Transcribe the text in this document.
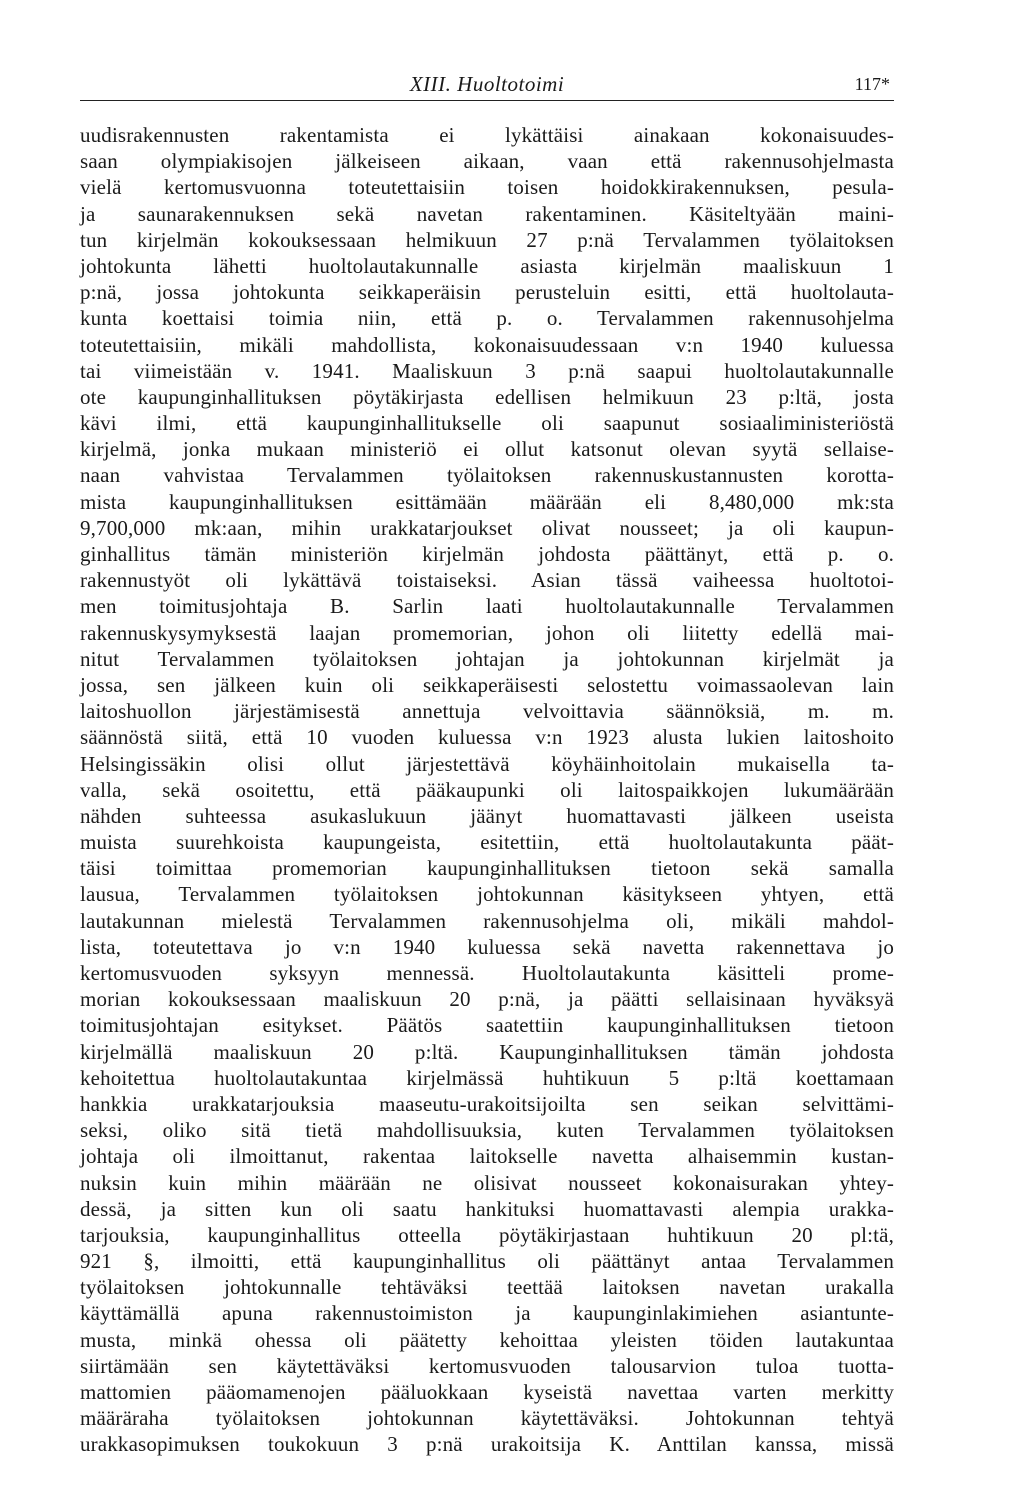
XIII. Huoltotoimi	117*
uudisrakennusten rakentamista ei lykättäisi ainakaan kokonaisuudes-
saan olympiakisojen jälkeiseen aikaan, vaan että rakennusohjelmasta
vielä kertomusvuonna toteutettaisiin toisen hoidokkirakennuksen, pesula-
ja saunarakennuksen sekä navetan rakentaminen. Käsiteltyään maini-
tun kirjelmän kokouksessaan helmikuun 27 p:nä Tervalammen työlaitoksen
johtokunta lähetti huoltolautakunnalle asiasta kirjelmän maaliskuun 1
p:nä, jossa johtokunta seikkaperäisin perusteluin esitti, että huoltolauta-
kunta koettaisi toimia niin, että p. o. Tervalammen rakennusohjelma
toteutettaisiin, mikäli mahdollista, kokonaisuudessaan v:n 1940 kuluessa
tai viimeistään v. 1941. Maaliskuun 3 p:nä saapui huoltolautakunnalle
ote kaupunginhallituksen pöytäkirjasta edellisen helmikuun 23 p:ltä, josta
kävi ilmi, että kaupunginhallitukselle oli saapunut sosiaaliministeriöstä
kirjelmä, jonka mukaan ministeriö ei ollut katsonut olevan syytä sellaise-
naan vahvistaa Tervalammen työlaitoksen rakennuskustannusten korotta-
mista kaupunginhallituksen esittämään määrään eli 8,480,000 mk:sta
9,700,000 mk:aan, mihin urakkatarjoukset olivat nousseet; ja oli kaupun-
ginhallitus tämän ministeriön kirjelmän johdosta päättänyt, että p. o.
rakennustyöt oli lykättävä toistaiseksi. Asian tässä vaiheessa huoltotoi-
men toimitusjohtaja B. Sarlin laati huoltolautakunnalle Tervalammen
rakennuskysymyksestä laajan promemorian, johon oli liitetty edellä mai-
nitut Tervalammen työlaitoksen johtajan ja johtokunnan kirjelmät ja
jossa, sen jälkeen kuin oli seikkaperäisesti selostettu voimassaolevan lain
laitoshuollon järjestämisestä annettuja velvoittavia säännöksiä, m. m.
säännöstä siitä, että 10 vuoden kuluessa v:n 1923 alusta lukien laitoshoito
Helsingissäkin olisi ollut järjestettävä köyhäinhoitolain mukaisella ta-
valla, sekä osoitettu, että pääkaupunki oli laitospaikkojen lukumäärään
nähden suhteessa asukaslukuun jäänyt huomattavasti jälkeen useista
muista suurehkoista kaupungeista, esitettiin, että huoltolautakunta päät-
täisi toimittaa promemorian kaupunginhallituksen tietoon sekä samalla
lausua, Tervalammen työlaitoksen johtokunnan käsitykseen yhtyen, että
lautakunnan mielestä Tervalammen rakennusohjelma oli, mikäli mahdol-
lista, toteutettava jo v:n 1940 kuluessa sekä navetta rakennettava jo
kertomusvuoden syksyyn mennessä. Huoltolautakunta käsitteli prome-
morian kokouksessaan maaliskuun 20 p:nä, ja päätti sellaisinaan hyväksyä
toimitusjohtajan esitykset. Päätös saatettiin kaupunginhallituksen tietoon
kirjelmällä maaliskuun 20 p:ltä. Kaupunginhallituksen tämän johdosta
kehoitettua huoltolautakuntaa kirjelmässä huhtikuun 5 p:ltä koettamaan
hankkia urakkatarjouksia maaseutu-urakoitsijoilta sen seikan selvittämi-
seksi, oliko sitä tietä mahdollisuuksia, kuten Tervalammen työlaitoksen
johtaja oli ilmoittanut, rakentaa laitokselle navetta alhaisemmin kustan-
nuksin kuin mihin määrään ne olisivat nousseet kokonaisurakan yhtey-
dessä, ja sitten kun oli saatu hankituksi huomattavasti alempia urakka-
tarjouksia, kaupunginhallitus otteella pöytäkirjastaan huhtikuun 20 pl:tä,
921 §, ilmoitti, että kaupunginhallitus oli päättänyt antaa Tervalammen
työlaitoksen johtokunnalle tehtäväksi teettää laitoksen navetan urakalla
käyttämällä apuna rakennustoimiston ja kaupunginlakimiehen asiantunte-
musta, minkä ohessa oli päätetty kehoittaa yleisten töiden lautakuntaa
siirtämään sen käytettäväksi kertomusvuoden talousarvion tuloa tuotta-
mattomien pääomamenojen pääluokkaan kyseistä navettaa varten merkitty
määräraha työlaitoksen johtokunnan käytettäväksi. Johtokunnan tehtyä
urakkasopimuksen toukokuun 3 p:nä urakoitsija K. Anttilan kanssa, missä
